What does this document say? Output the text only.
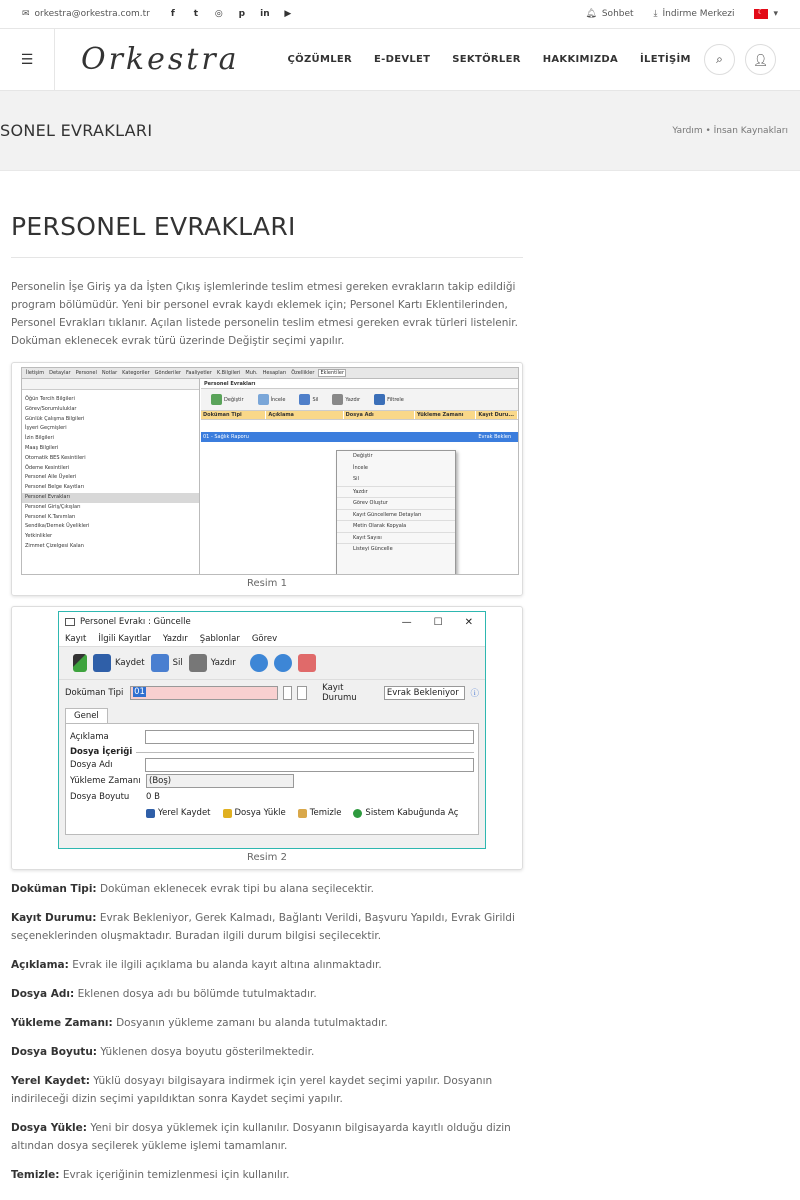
✉ orkestra@orkestra.com.tr	f	t	◎ p in ▶	🔔︎ Sohbet ⤓ İndirme Merkezi
☾	▾
☰ Orkestra	ÇÖZÜMLER E-DEVLET SEKTÖRLER HAKKIMIZDA İLETİŞİM ⌕	👤︎
SONEL EVRAKLARI	Yardım • İnsan Kaynakları
PERSONEL EVRAKLARI

Personelin İşe Giriş ya da İşten Çıkış işlemlerinde teslim etmesi gereken evrakların takip edildiği program bölümüdür. Yeni bir personel evrak kaydı eklemek için; Personel Kartı Eklentilerinden, Personel Evrakları tıklanır. Açılan listede personelin teslim etmesi gereken evrak türleri listelenir. Doküman eklenecek evrak türü üzerinde Değiştir seçimi yapılır.

İletişim Detaylar Personel Notlar Kategoriler Gönderiler Faaliyetler K.Bilgileri Muh. Hesapları Özellikler	Eklentiler
Öğün Tercih Bilgileri
Görev/Sorumluluklar
Günlük Çalışma Bilgileri
İşyeri Geçmişleri
İzin Bilgileri
Maaş Bilgileri
Otomatik BES Kesintileri
Ödeme Kesintileri
Personel Aile Üyeleri
Personel Belge Kayıtları
Personel Evrakları
Personel Giriş/Çıkışları
Personel K.Tanımları
Sendika/Dernek Üyelikleri
Yetkinlikler
Zimmet Çizelgesi Kalan
Personel Evrakları
Değiştir	İncele	Sil	Yazdır	Filtrele
Doküman Tipi	Açıklama	Dosya Adı	Yükleme Zamanı	Kayıt Duru...
01 - Sağlık Raporu	Evrak Beklen
Değiştir
İncele
Sil
Yazdır
Görev Oluştur
Kayıt Güncelleme Detayları
Metin Olarak Kopyala
Kayıt Sayısı
Listeyi Güncelle
Resim 1
Personel Evrakı : Güncelle	— ☐ ✕
Kayıt İlgili Kayıtlar Yazdır Şablonlar Görev
Kaydet	Sil	Yazdır
Doküman Tipi	01	Kayıt Durumu	Evrak Bekleniyor	ⓘ
Genel
Açıklama
Dosya İçeriği
Dosya Adı
Yükleme Zamanı (Boş)
Dosya Boyutu	0 B
Yerel Kaydet	Dosya Yükle	Temizle	Sistem Kabuğunda Aç
Resim 2

Doküman Tipi: Doküman eklenecek evrak tipi bu alana seçilecektir.

Kayıt Durumu: Evrak Bekleniyor, Gerek Kalmadı, Bağlantı Verildi, Başvuru Yapıldı, Evrak Girildi seçeneklerinden oluşmaktadır. Buradan ilgili durum bilgisi seçilecektir.

Açıklama: Evrak ile ilgili açıklama bu alanda kayıt altına alınmaktadır.

Dosya Adı: Eklenen dosya adı bu bölümde tutulmaktadır.

Yükleme Zamanı: Dosyanın yükleme zamanı bu alanda tutulmaktadır.

Dosya Boyutu: Yüklenen dosya boyutu gösterilmektedir.

Yerel Kaydet: Yüklü dosyayı bilgisayara indirmek için yerel kaydet seçimi yapılır. Dosyanın indirileceği dizin seçimi yapıldıktan sonra Kaydet seçimi yapılır.

Dosya Yükle: Yeni bir dosya yüklemek için kullanılır. Dosyanın bilgisayarda kayıtlı olduğu dizin altından dosya seçilerek yükleme işlemi tamamlanır.

Temizle: Evrak içeriğinin temizlenmesi için kullanılır.
